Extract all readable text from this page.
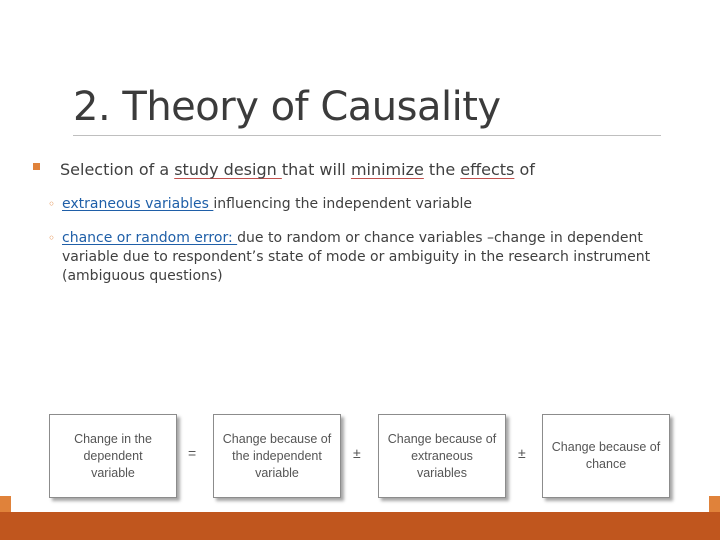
2. Theory of Causality
Selection of a study design that will minimize the effects of
◦ extraneous variables influencing the independent variable
◦ chance or random error: due to random or chance variables –change in dependent variable due to respondent’s state of mode or ambiguity in the research instrument (ambiguous questions)
Change in the dependent variable
=
Change because of the independent variable
±
Change because of extraneous variables
± Change because of chance
